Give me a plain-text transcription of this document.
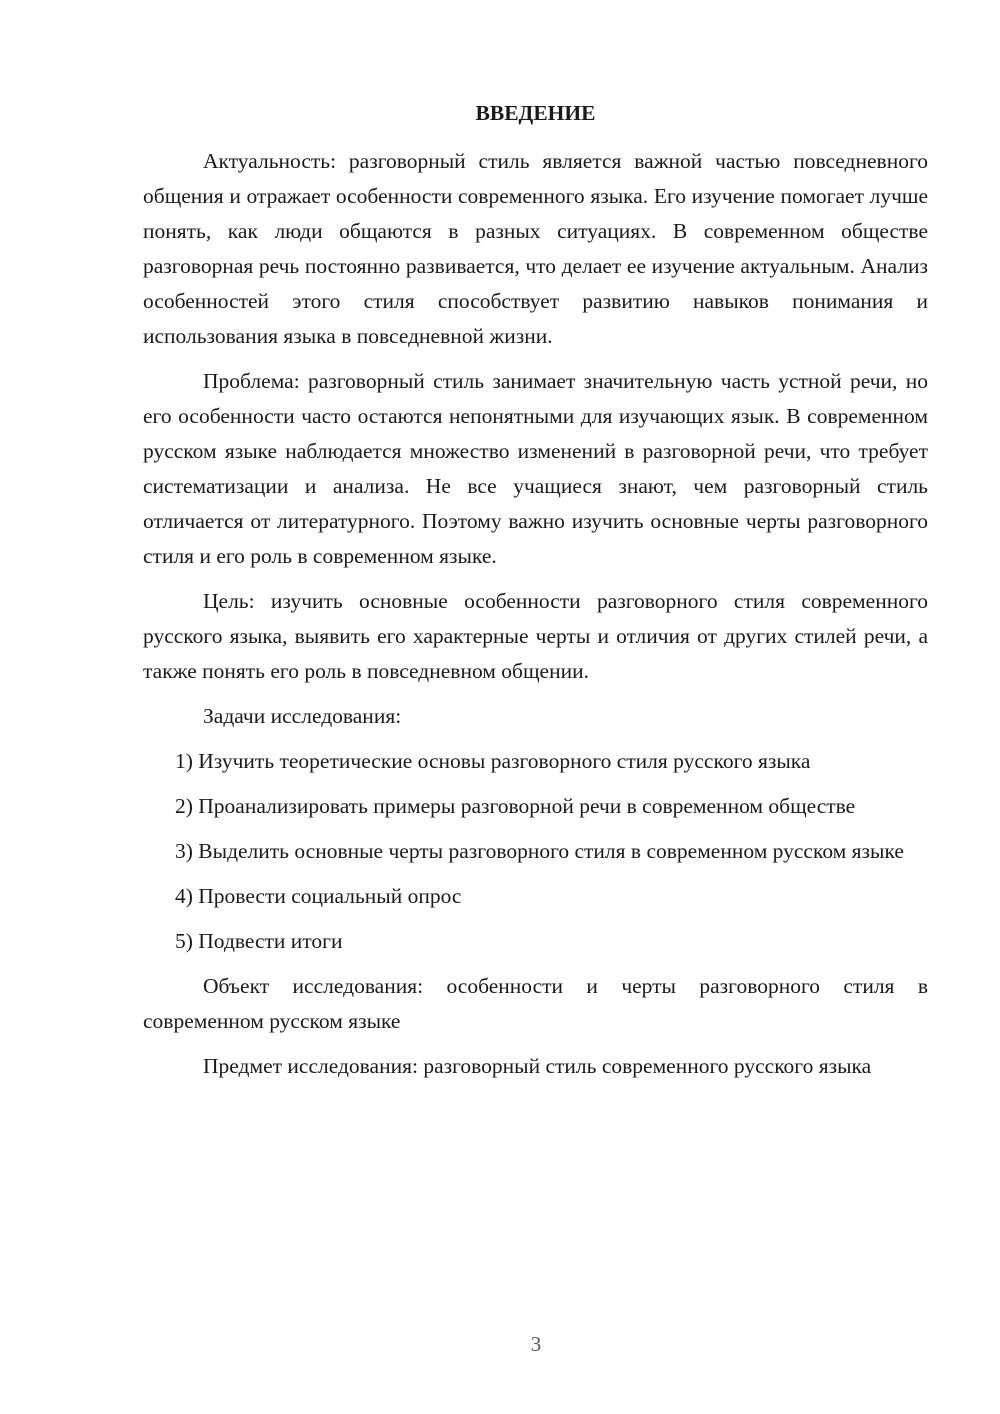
ВВЕДЕНИЕ

Актуальность: разговорный стиль является важной частью повседневного общения и отражает особенности современного языка. Его изучение помогает лучше понять, как люди общаются в разных ситуациях. В современном обществе разговорная речь постоянно развивается, что делает ее изучение актуальным. Анализ особенностей этого стиля способствует развитию навыков понимания и использования языка в повседневной жизни.

Проблема: разговорный стиль занимает значительную часть устной речи, но его особенности часто остаются непонятными для изучающих язык. В современном русском языке наблюдается множество изменений в разговорной речи, что требует систематизации и анализа. Не все учащиеся знают, чем разговорный стиль отличается от литературного. Поэтому важно изучить основные черты разговорного стиля и его роль в современном языке.

Цель: изучить основные особенности разговорного стиля современного русского языка, выявить его характерные черты и отличия от других стилей речи, а также понять его роль в повседневном общении.

Задачи исследования:

1) Изучить теоретические основы разговорного стиля русского языка

2) Проанализировать примеры разговорной речи в современном обществе

3) Выделить основные черты разговорного стиля в современном русском языке

4) Провести социальный опрос

5) Подвести итоги

Объект исследования: особенности и черты разговорного стиля в современном русском языке

Предмет исследования: разговорный стиль современного русского языка

3
